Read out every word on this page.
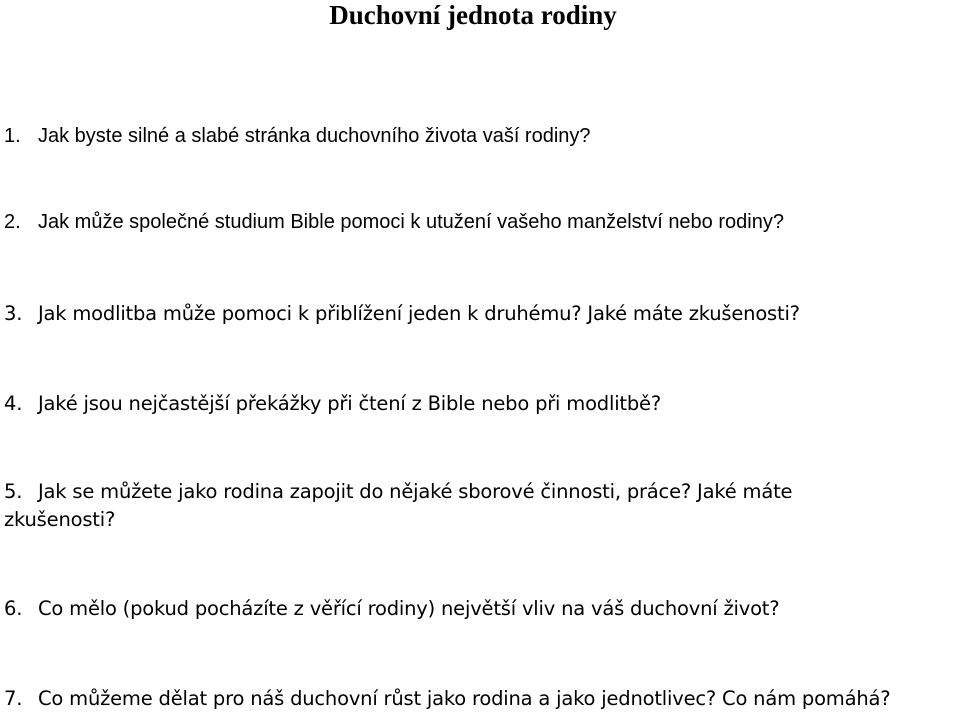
Duchovní jednota rodiny
1. Jak byste silné a slabé stránka duchovního života vaší rodiny?
2. Jak může společné studium Bible pomoci k utužení vašeho manželství nebo rodiny?
3. Jak modlitba může pomoci k přiblížení jeden k druhému? Jaké máte zkušenosti?
4. Jaké jsou nejčastější překážky při čtení z Bible nebo při modlitbě?
5. Jak se můžete jako rodina zapojit do nějaké sborové činnosti, práce? Jaké máte
zkušenosti?
6. Co mělo (pokud pocházíte z věřící rodiny) největší vliv na váš duchovní život?
7. Co můžeme dělat pro náš duchovní růst jako rodina a jako jednotlivec? Co nám pomáhá?
